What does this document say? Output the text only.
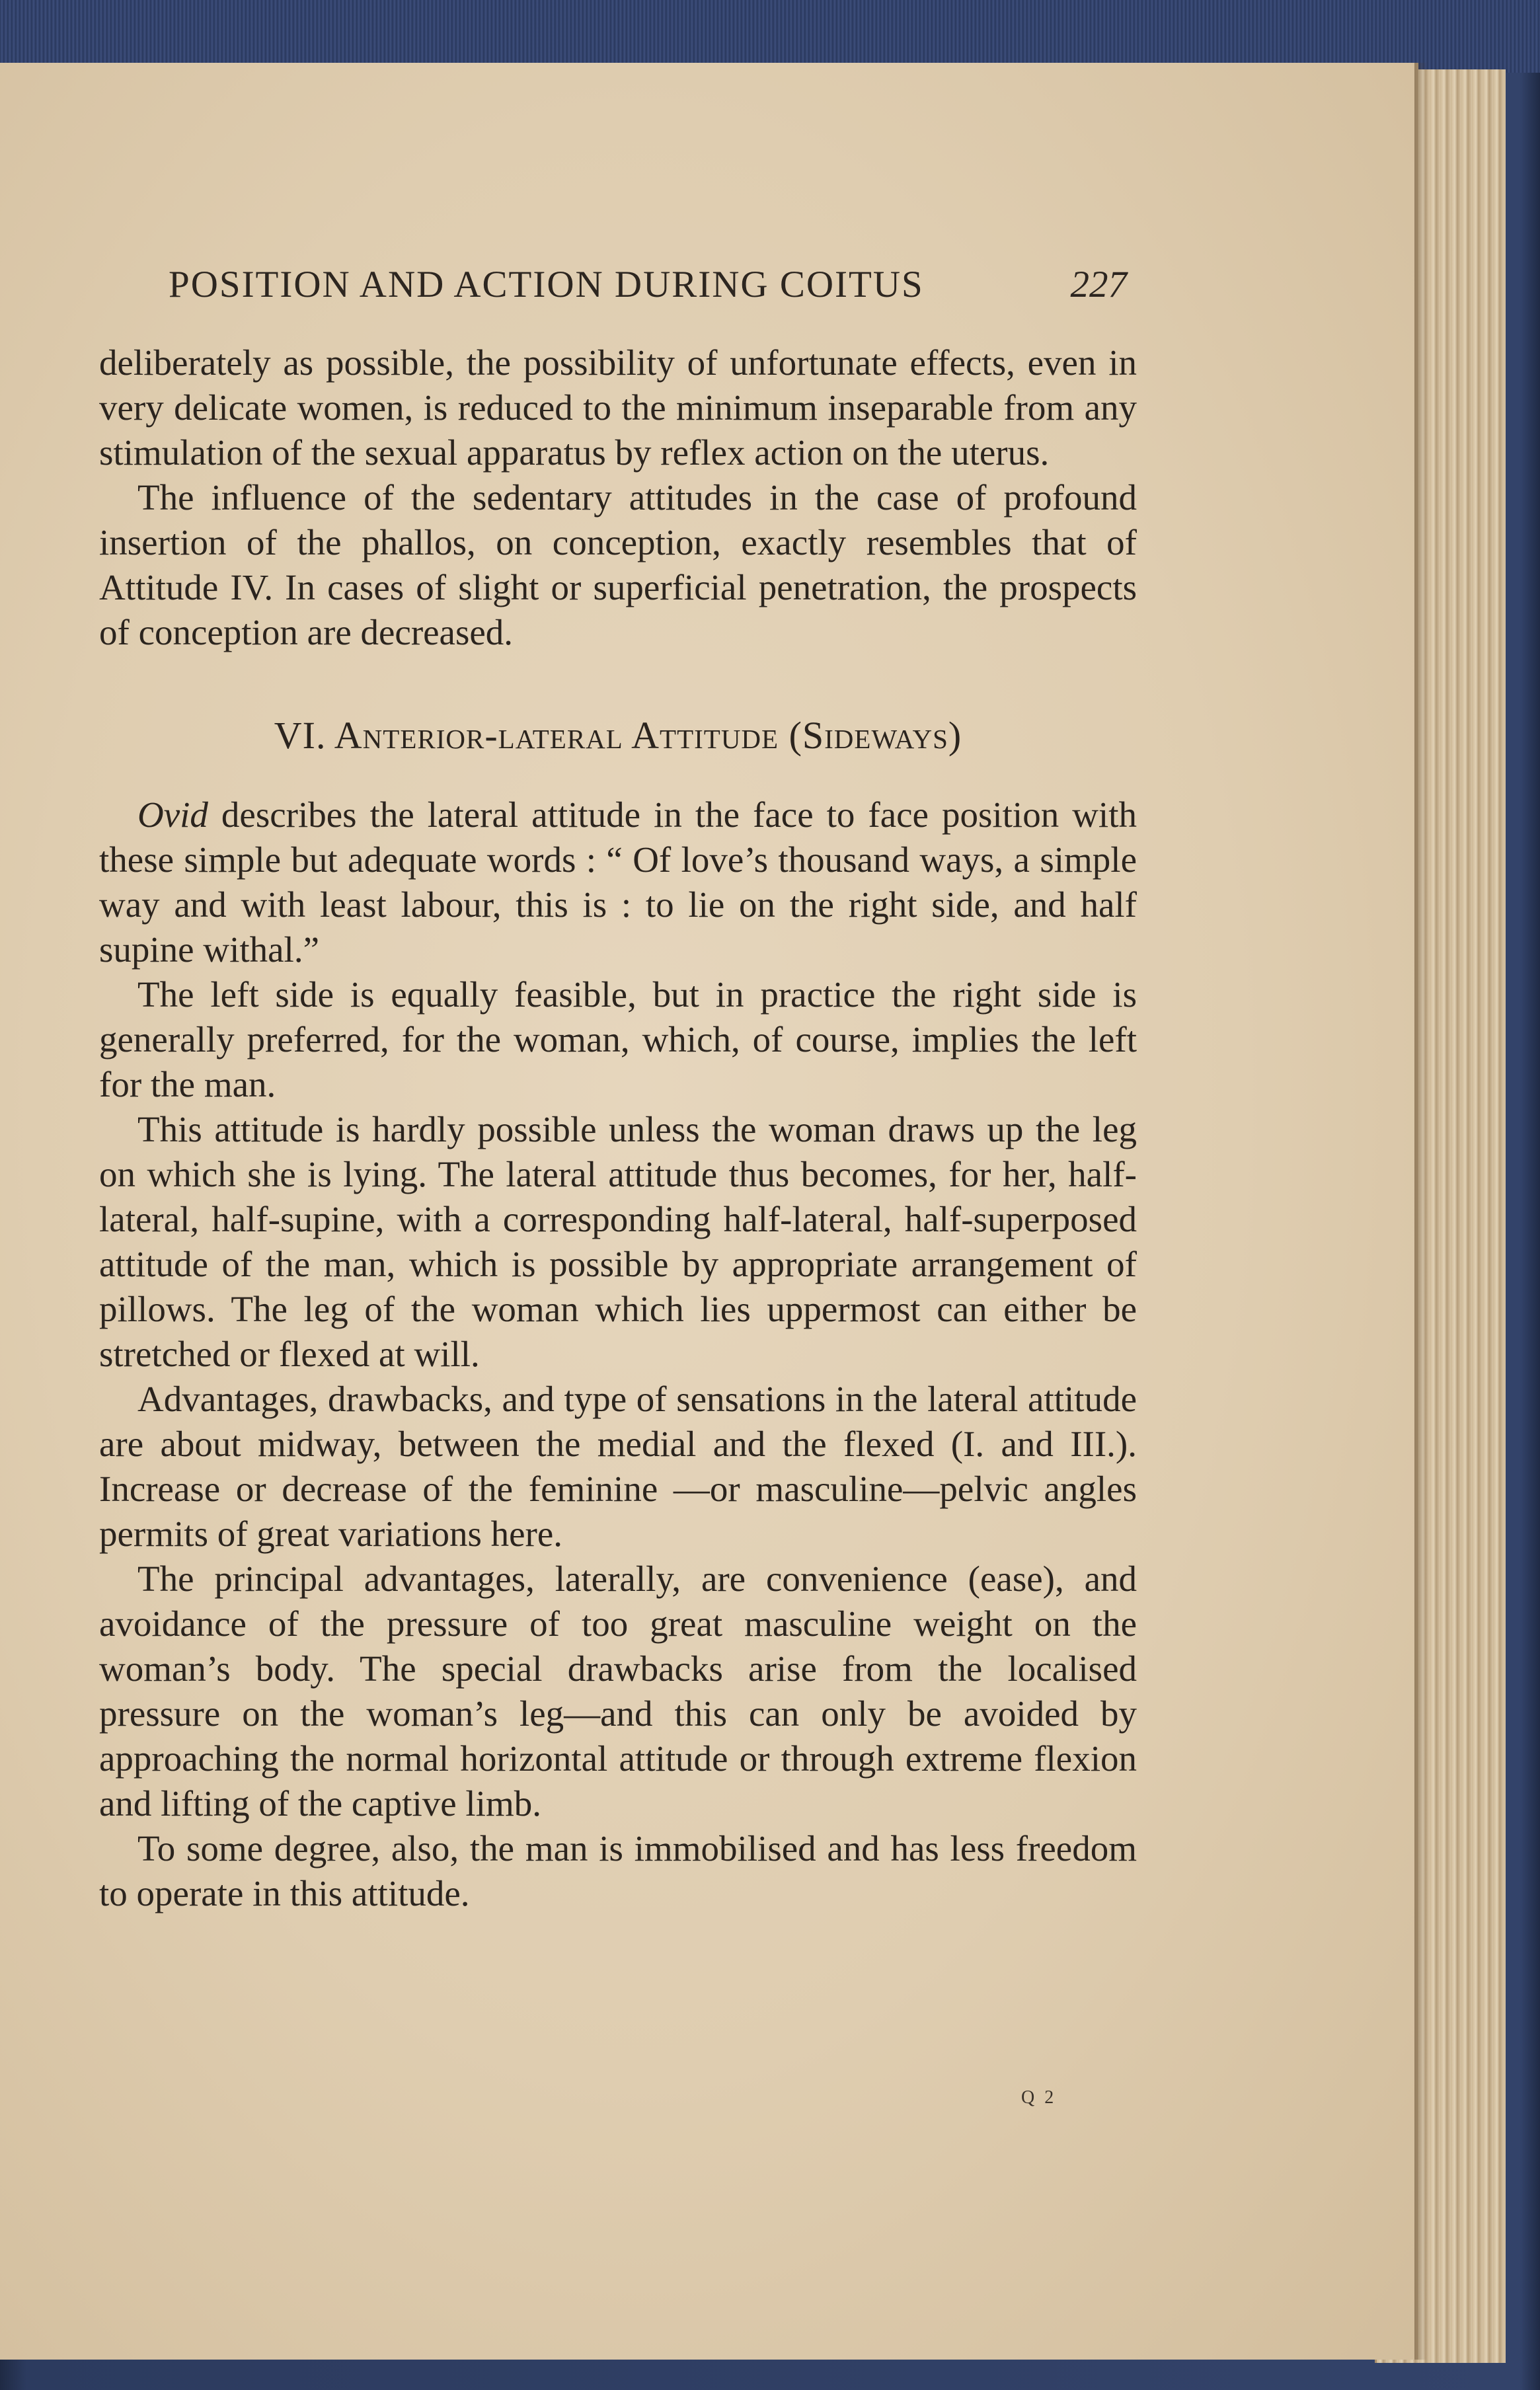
POSITION AND ACTION DURING COITUS	227

deliberately as possible, the possibility of unfortunate effects, even in very delicate women, is reduced to the minimum inseparable from any stimulation of the sexual apparatus by reflex action on the uterus.

The influence of the sedentary attitudes in the case of profound insertion of the phallos, on conception, exactly resembles that of Attitude IV. In cases of slight or superficial penetration, the prospects of conception are decreased.

VI. Anterior-lateral Attitude (Sideways)

Ovid describes the lateral attitude in the face to face position with these simple but adequate words : “ Of love’s thousand ways, a simple way and with least labour, this is : to lie on the right side, and half supine withal.”

The left side is equally feasible, but in practice the right side is generally preferred, for the woman, which, of course, implies the left for the man.

This attitude is hardly possible unless the woman draws up the leg on which she is lying. The lateral attitude thus becomes, for her, half-lateral, half-supine, with a corresponding half-lateral, half-superposed attitude of the man, which is possible by appropriate arrangement of pillows. The leg of the woman which lies uppermost can either be stretched or flexed at will.

Advantages, drawbacks, and type of sensations in the lateral attitude are about midway, between the medial and the flexed (I. and III.). Increase or decrease of the feminine —or masculine—pelvic angles permits of great variations here.

The principal advantages, laterally, are convenience (ease), and avoidance of the pressure of too great masculine weight on the woman’s body. The special drawbacks arise from the localised pressure on the woman’s leg—and this can only be avoided by approaching the normal horizontal attitude or through extreme flexion and lifting of the captive limb.

To some degree, also, the man is immobilised and has less freedom to operate in this attitude.

Q 2
